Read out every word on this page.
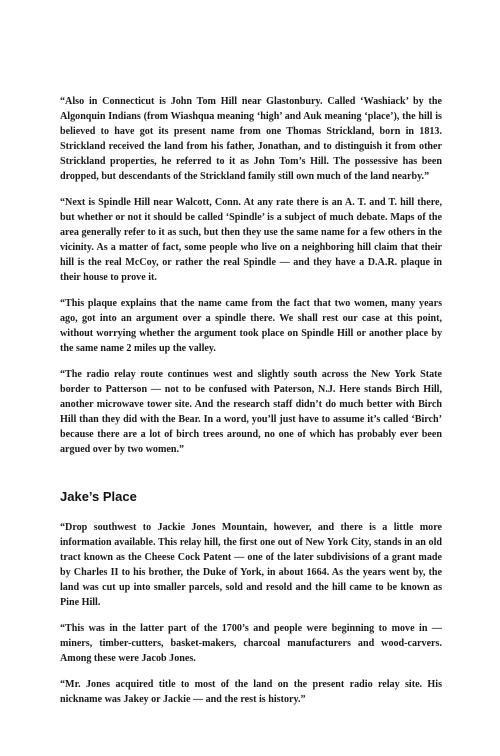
“Also in Connecticut is John Tom Hill near Glastonbury. Called ‘Washiack’ by the Algonquin Indians (from Wiashqua meaning ‘high’ and Auk meaning ‘place’), the hill is believed to have got its present name from one Thomas Strickland, born in 1813. Strickland received the land from his father, Jonathan, and to distinguish it from other Strickland properties, he referred to it as John Tom’s Hill. The possessive has been dropped, but descendants of the Strickland family still own much of the land nearby.”

“Next is Spindle Hill near Walcott, Conn. At any rate there is an A. T. and T. hill there, but whether or not it should be called ‘Spindle’ is a subject of much debate. Maps of the area generally refer to it as such, but then they use the same name for a few others in the vicinity. As a matter of fact, some people who live on a neighboring hill claim that their hill is the real McCoy, or rather the real Spindle — and they have a D.A.R. plaque in their house to prove it.

“This plaque explains that the name came from the fact that two women, many years ago, got into an argument over a spindle there. We shall rest our case at this point, without worrying whether the argument took place on Spindle Hill or another place by the same name 2 miles up the valley.

“The radio relay route continues west and slightly south across the New York State border to Patterson — not to be confused with Paterson, N.J. Here stands Birch Hill, another microwave tower site. And the research staff didn’t do much better with Birch Hill than they did with the Bear. In a word, you’ll just have to assume it’s called ‘Birch’ because there are a lot of birch trees around, no one of which has probably ever been argued over by two women.”

Jake’s Place

“Drop southwest to Jackie Jones Mountain, however, and there is a little more information available. This relay hill, the first one out of New York City, stands in an old tract known as the Cheese Cock Patent — one of the later subdivisions of a grant made by Charles II to his brother, the Duke of York, in about 1664. As the years went by, the land was cut up into smaller parcels, sold and resold and the hill came to be known as Pine Hill.

“This was in the latter part of the 1700’s and people were beginning to move in — miners, timber-cutters, basket-makers, charcoal manufacturers and wood-carvers. Among these were Jacob Jones.

“Mr. Jones acquired title to most of the land on the present radio relay site. His nickname was Jakey or Jackie — and the rest is history.”
